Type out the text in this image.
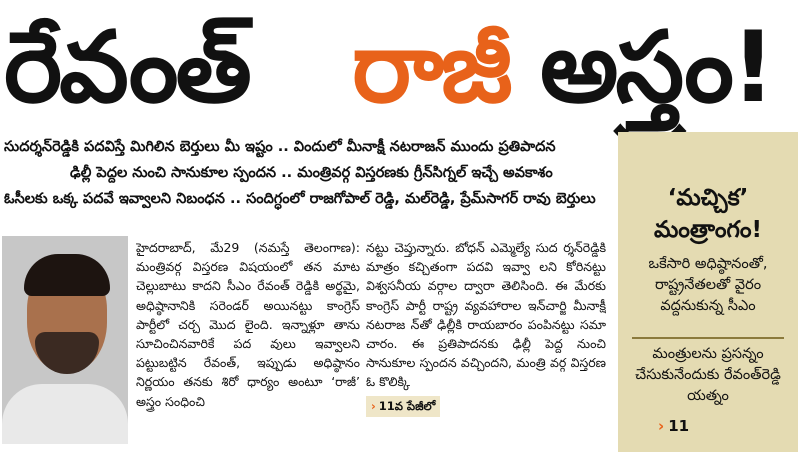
రేవంత్ రాజీ అస్త్రం!
సుదర్శన్‌రెడ్డికి పదవిస్తే మిగిలిన బెర్తులు మీ ఇష్టం .. విందులో మీనాక్షీ నటరాజన్ ముందు ప్రతిపాదన
ఢిల్లీ పెద్దల నుంచి సానుకూల స్పందన .. మంత్రివర్గ విస్తరణకు గ్రీన్‌సిగ్నల్ ఇచ్చే అవకాశం
ఓసీలకు ఒక్క పదవే ఇవ్వాలని నిబంధన .. సందిగ్ధంలో రాజగోపాల్ రెడ్డి, మల్‌రెడ్డి, ప్రేమ్‌సాగర్ రావు బెర్తులు

హైదరాబాద్, మే29 (నమస్తే తెలంగాణ): మంత్రివర్గ విస్తరణ విషయంలో తన మాట చెల్లుబాటు కాదని సీఎం రేవంత్ రెడ్డికి అర్థమై, అధిష్ఠానానికి సరెండర్ అయినట్టు కాంగ్రెస్ పార్టీలో చర్చ మొద లైంది. ఇన్నాళ్లూ తాను సూచించినవారికే పద వులు ఇవ్వాలని పట్టుబట్టిన రేవంత్, ఇప్పుడు అధిష్ఠానం నిర్ణయం తనకు శిరో ధార్యం అంటూ ‘రాజీ’ అస్త్రం సంధించి

నట్టు చెప్తున్నారు. బోధన్ ఎమ్మెల్యే సుద ర్శన్‌రెడ్డికి మాత్రం కచ్చితంగా పదవి ఇవ్వా లని కోరినట్టు విశ్వసనీయ వర్గాల ద్వారా తెలిసింది. ఈ మేరకు కాంగ్రెస్ పార్టీ రాష్ట్ర వ్యవహారాల ఇన్‌చార్జి మీనాక్షీ నటరాజ న్‌తో ఢిల్లీకి రాయబారం పంపినట్టు సమా చారం. ఈ ప్రతిపాదనకు ఢిల్లీ పెద్ద నుంచి సానుకూల స్పందన వచ్చిందని, మంత్రి వర్గ విస్తరణ ఓ కొలిక్కి

› 11వ పేజీలో
‘మచ్చిక’
మంత్రాంగం!
ఒకేసారి అధిష్ఠానంతో, రాష్ట్రనేతలతో వైరం వద్దనుకున్న సీఎం
మంత్రులను ప్రసన్నం చేసుకునేందుకు రేవంత్‌రెడ్డి యత్నం
› 11
